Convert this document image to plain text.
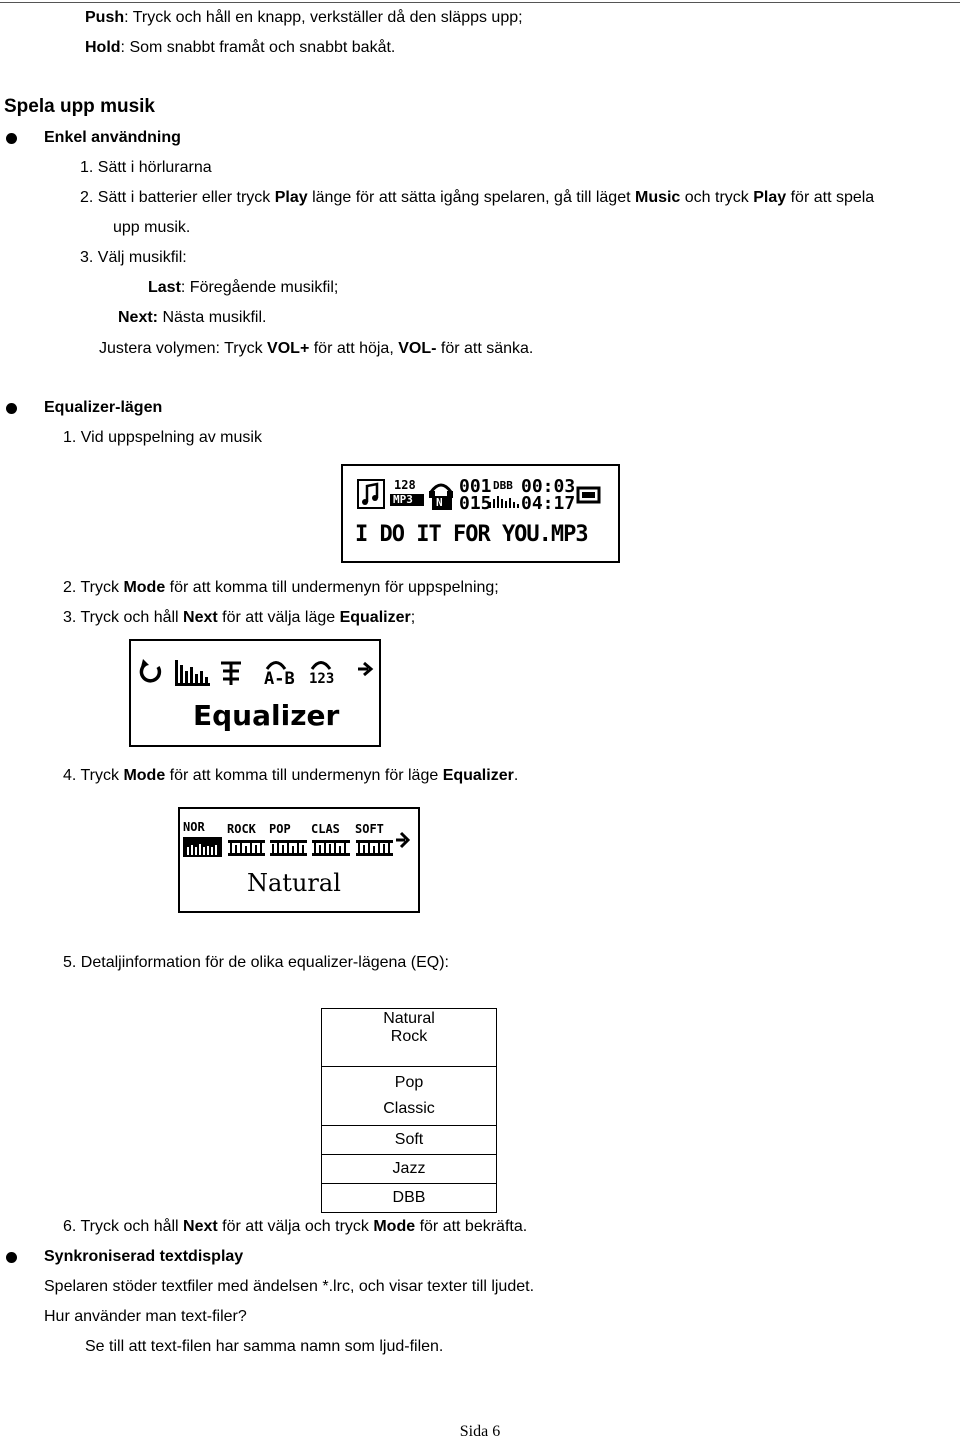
Push: Tryck och håll en knapp, verkställer då den släpps upp;
Hold: Som snabbt framåt och snabbt bakåt.
Spela upp musik
Enkel användning
1. Sätt i hörlurarna
2. Sätt i batterier eller tryck Play länge för att sätta igång spelaren, gå till läget Music och tryck Play för att spela
upp musik.
3. Välj musikfil:
Last: Föregående musikfil;
Next: Nästa musikfil.
Justera volymen: Tryck VOL+ för att höja, VOL- för att sänka.
Equalizer-lägen
1. Vid uppspelning av musik
128
MP3 N
001 DBB 00:03
015 04:17
I DO IT FOR YOU.MP3
2. Tryck Mode för att komma till undermenyn för uppspelning;
3. Tryck och håll Next för att välja läge Equalizer;
A-B 123
Equalizer
4. Tryck Mode för att komma till undermenyn för läge Equalizer.
NOR ROCK POP CLAS SOFT
Natural
5. Detaljinformation för de olika equalizer-lägena (EQ):
Natural
Rock

Pop
Classic

Soft
Jazz
DBB
6. Tryck och håll Next för att välja och tryck Mode för att bekräfta.
Synkroniserad textdisplay
Spelaren stöder textfiler med ändelsen *.lrc, och visar texter till ljudet.
Hur använder man text-filer?
Se till att text-filen har samma namn som ljud-filen.
Sida 6
